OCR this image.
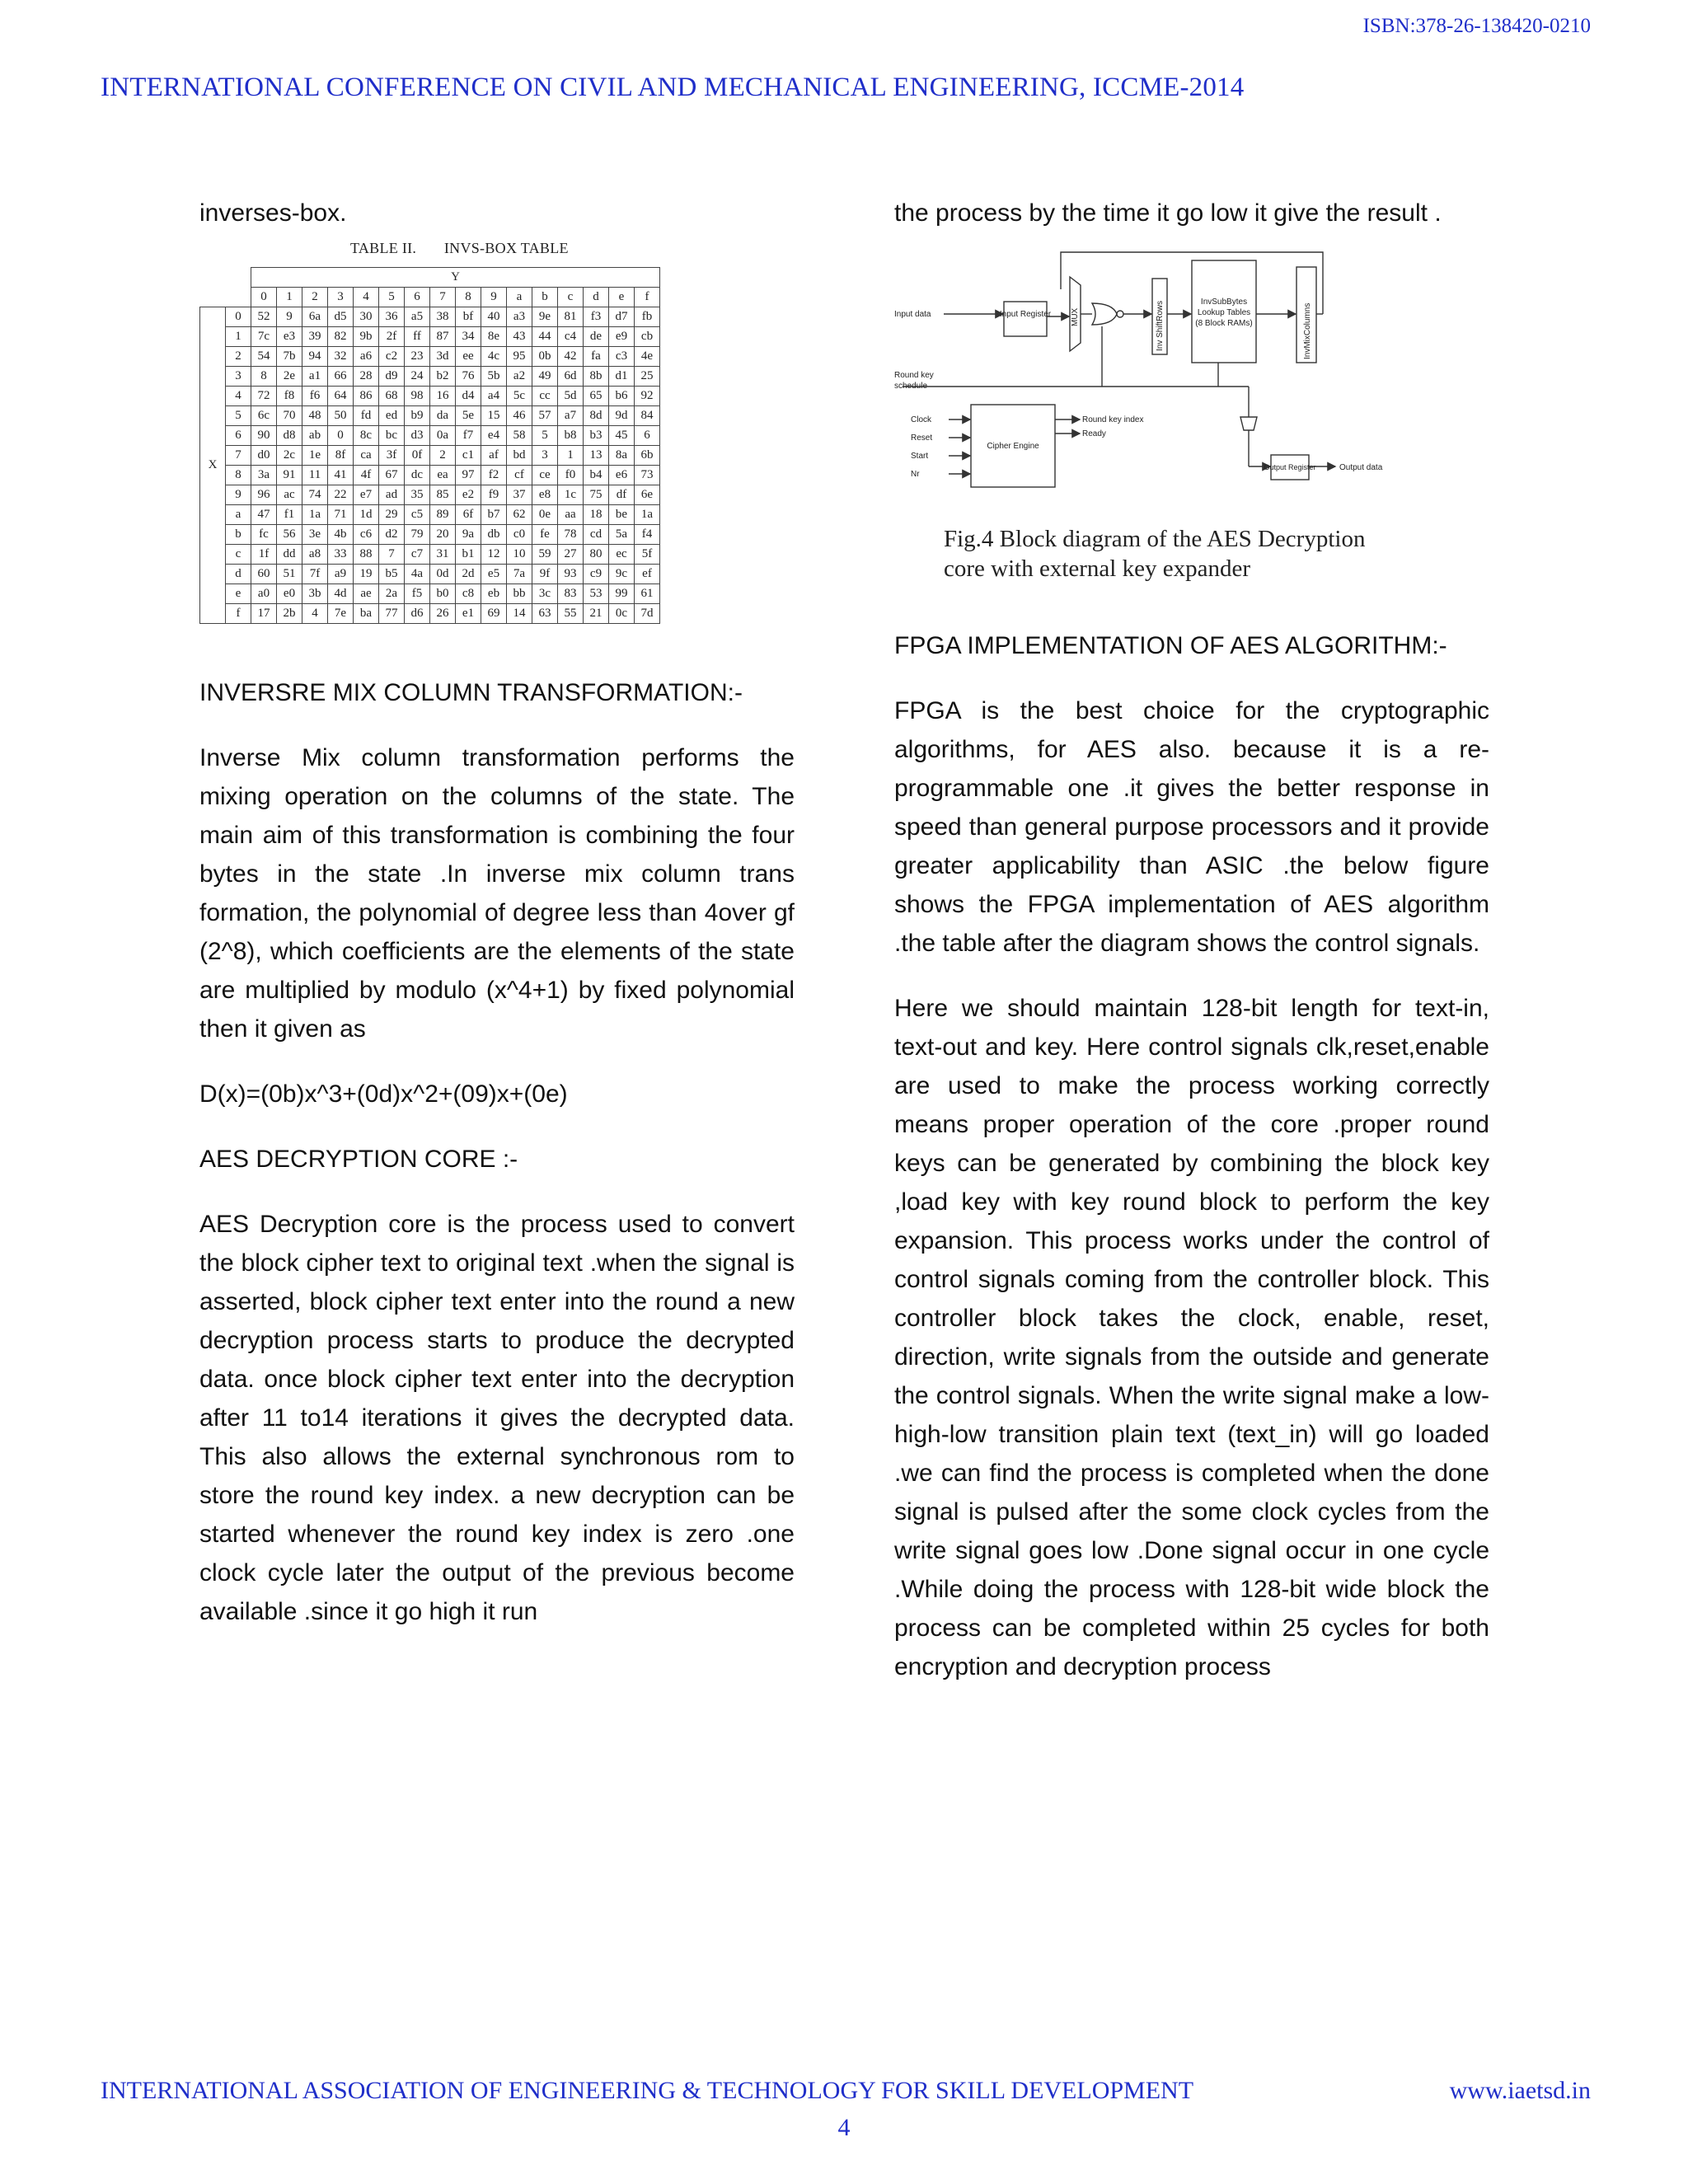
ISBN:378-26-138420-0210
INTERNATIONAL CONFERENCE ON CIVIL AND MECHANICAL ENGINEERING, ICCME-2014

inverses-box.

TABLE II. INVS-BOX TABLE
		Y															
		0	1	2	3	4	5	6	7	8	9	a	b	c	d	e	f
X	0	52	9	6a	d5	30	36	a5	38	bf	40	a3	9e	81	f3	d7	fb
	1	7c	e3	39	82	9b	2f	ff	87	34	8e	43	44	c4	de	e9	cb
	2	54	7b	94	32	a6	c2	23	3d	ee	4c	95	0b	42	fa	c3	4e
	3	8	2e	a1	66	28	d9	24	b2	76	5b	a2	49	6d	8b	d1	25
	4	72	f8	f6	64	86	68	98	16	d4	a4	5c	cc	5d	65	b6	92
	5	6c	70	48	50	fd	ed	b9	da	5e	15	46	57	a7	8d	9d	84
	6	90	d8	ab	0	8c	bc	d3	0a	f7	e4	58	5	b8	b3	45	6
	7	d0	2c	1e	8f	ca	3f	0f	2	c1	af	bd	3	1	13	8a	6b
	8	3a	91	11	41	4f	67	dc	ea	97	f2	cf	ce	f0	b4	e6	73
	9	96	ac	74	22	e7	ad	35	85	e2	f9	37	e8	1c	75	df	6e
	a	47	f1	1a	71	1d	29	c5	89	6f	b7	62	0e	aa	18	be	1a
	b	fc	56	3e	4b	c6	d2	79	20	9a	db	c0	fe	78	cd	5a	f4
	c	1f	dd	a8	33	88	7	c7	31	b1	12	10	59	27	80	ec	5f
	d	60	51	7f	a9	19	b5	4a	0d	2d	e5	7a	9f	93	c9	9c	ef
	e	a0	e0	3b	4d	ae	2a	f5	b0	c8	eb	bb	3c	83	53	99	61
	f	17	2b	4	7e	ba	77	d6	26	e1	69	14	63	55	21	0c	7d

INVERSRE MIX COLUMN TRANSFORMATION:-

Inverse Mix column transformation performs the mixing operation on the columns of the state. The main aim of this transformation is combining the four bytes in the state .In inverse mix column trans formation, the polynomial of degree less than 4over gf (2^8), which coefficients are the elements of the state are multiplied by modulo (x^4+1) by fixed polynomial then it given as

D(x)=(0b)x^3+(0d)x^2+(09)x+(0e)

AES DECRYPTION CORE :-

AES Decryption core is the process used to convert the block cipher text to original text .when the signal is asserted, block cipher text enter into the round a new decryption process starts to produce the decrypted data. once block cipher text enter into the decryption after 11 to14 iterations it gives the decrypted data. This also allows the external synchronous rom to store the round key index. a new decryption can be started whenever the round key index is zero .one clock cycle later the output of the previous become available .since it go high it run

the process by the time it go low it give the result .

Input data	Input Register MUX	Inv ShiftRows	InvSubBytes
Lookup Tables
(8 Block RAMs)	InvMixColumns
Round key
schedule
Clock
Reset
Start
Nr
Cipher Engine
Round key index
Ready
Output Register	Output data
Fig.4 Block diagram of the AES Decryption
core with external key expander

FPGA IMPLEMENTATION OF AES ALGORITHM:-

FPGA is the best choice for the cryptographic algorithms, for AES also. because it is a re-programmable one .it gives the better response in speed than general purpose processors and it provide greater applicability than ASIC .the below figure shows the FPGA implementation of AES algorithm .the table after the diagram shows the control signals.

Here we should maintain 128-bit length for text-in, text-out and key. Here control signals clk,reset,enable are used to make the process working correctly means proper operation of the core .proper round keys can be generated by combining the block key ,load key with key round block to perform the key expansion. This process works under the control of control signals coming from the controller block. This controller block takes the clock, enable, reset, direction, write signals from the outside and generate the control signals. When the write signal make a low-high-low transition plain text (text_in) will go loaded .we can find the process is completed when the done signal is pulsed after the some clock cycles from the write signal goes low .Done signal occur in one cycle .While doing the process with 128-bit wide block the process can be completed within 25 cycles for both encryption and decryption process

INTERNATIONAL ASSOCIATION OF ENGINEERING & TECHNOLOGY FOR SKILL DEVELOPMENT	www.iaetsd.in
4
